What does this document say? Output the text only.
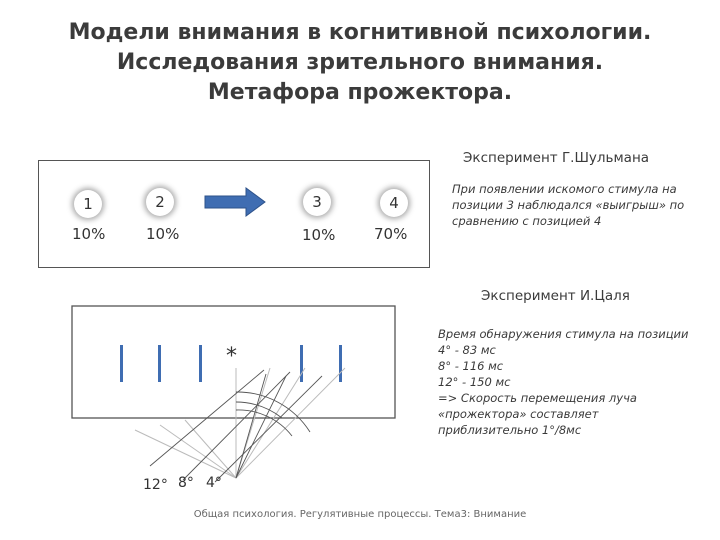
Модели внимания в когнитивной психологии.
Исследования зрительного внимания.
Метафора прожектора.
Эксперимент Г.Шульмана
1	2	3	4
10%	10%	10%	70%
*
12° 8° 4°
При появлении искомого стимула на
позиции 3 наблюдался «выигрыш» по
сравнению с позицией 4
Эксперимент И.Цаля
Время обнаружения стимула на позиции
4° - 83 мс
8° - 116 мс
12° - 150 мс
=> Скорость перемещения луча
«прожектора» составляет
приблизительно 1°/8мс
Общая психология. Регулятивные процессы. Тема3: Внимание
